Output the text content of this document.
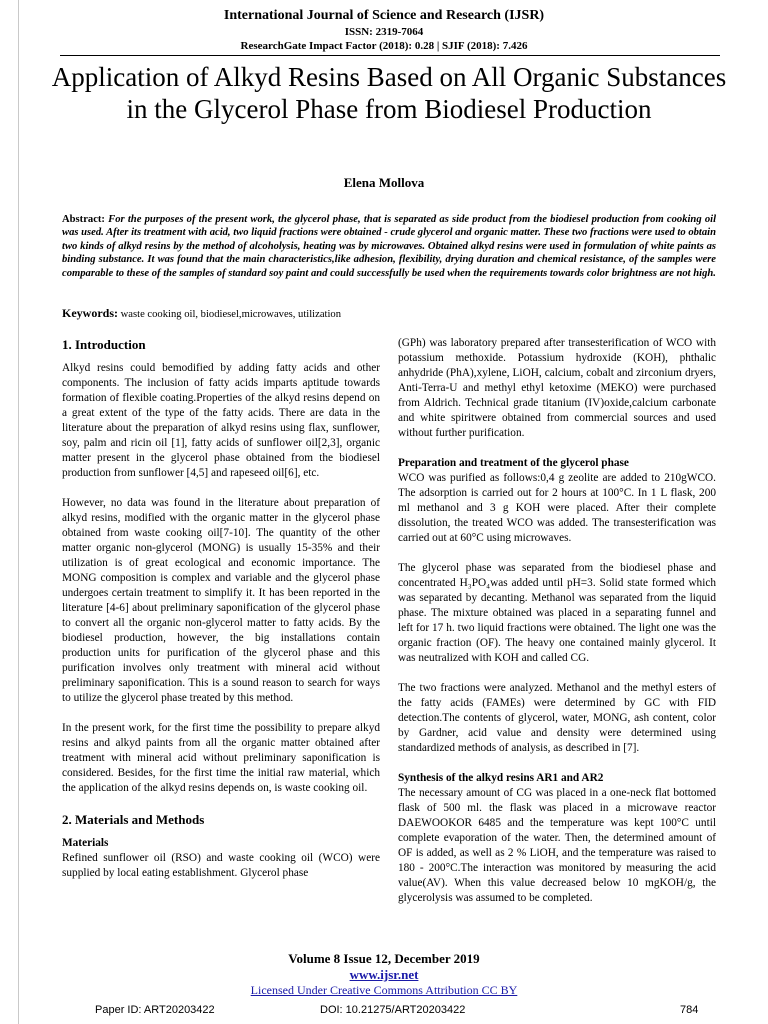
International Journal of Science and Research (IJSR)
ISSN: 2319-7064
ResearchGate Impact Factor (2018): 0.28 | SJIF (2018): 7.426
Application of Alkyd Resins Based on All Organic Substances in the Glycerol Phase from Biodiesel Production
Elena Mollova
Abstract: For the purposes of the present work, the glycerol phase, that is separated as side product from the biodiesel production from cooking oil was used. After its treatment with acid, two liquid fractions were obtained - crude glycerol and organic matter. These two fractions were used to obtain two kinds of alkyd resins by the method of alcoholysis, heating was by microwaves. Obtained alkyd resins were used in formulation of white paints as binding substance. It was found that the main characteristics,like adhesion, flexibility, drying duration and chemical resistance, of the samples were comparable to these of the samples of standard soy paint and could successfully be used when the requirements towards color brightness are not high.
Keywords: waste cooking oil, biodiesel,microwaves, utilization
1. Introduction

Alkyd resins could bemodified by adding fatty acids and other components. The inclusion of fatty acids imparts aptitude towards formation of flexible coating.Properties of the alkyd resins depend on a great extent of the type of the fatty acids. There are data in the literature about the preparation of alkyd resins using flax, sunflower, soy, palm and ricin oil [1], fatty acids of sunflower oil[2,3], organic matter present in the glycerol phase obtained from the biodiesel production from sunflower [4,5] and rapeseed oil[6], etc.

However, no data was found in the literature about preparation of alkyd resins, modified with the organic matter in the glycerol phase obtained from waste cooking oil[7-10]. The quantity of the other matter organic non-glycerol (MONG) is usually 15-35% and their utilization is of great ecological and economic importance. The MONG composition is complex and variable and the glycerol phase undergoes certain treatment to simplify it. It has been reported in the literature [4-6] about preliminary saponification of the glycerol phase to convert all the organic non-glycerol matter to fatty acids. By the biodiesel production, however, the big installations contain production units for purification of the glycerol phase and this purification involves only treatment with mineral acid without preliminary saponification. This is a sound reason to search for ways to utilize the glycerol phase treated by this method.

In the present work, for the first time the possibility to prepare alkyd resins and alkyd paints from all the organic matter obtained after treatment with mineral acid without preliminary saponification is considered. Besides, for the first time the initial raw material, which the application of the alkyd resins depends on, is waste cooking oil.

2. Materials and Methods
Materials

Refined sunflower oil (RSO) and waste cooking oil (WCO) were supplied by local eating establishment. Glycerol phase

(GPh) was laboratory prepared after transesterification of WCO with potassium methoxide. Potassium hydroxide (KOH), phthalic anhydride (PhA),xylene, LiOH, calcium, cobalt and zirconium dryers, Anti-Terra-U and methyl ethyl ketoxime (MEKO) were purchased from Aldrich. Technical grade titanium (IV)oxide,calcium carbonate and white spiritwere obtained from commercial sources and used without further purification.

Preparation and treatment of the glycerol phase

WCO was purified as follows:0,4 g zeolite are added to 210gWCO. The adsorption is carried out for 2 hours at 100°C. In 1 L flask, 200 ml methanol and 3 g KOH were placed. After their complete dissolution, the treated WCO was added. The transesterification was carried out at 60°C using microwaves.

The glycerol phase was separated from the biodiesel phase and concentrated H₃PO₄was added until pH=3. Solid state formed which was separated by decanting. Methanol was separated from the liquid phase. The mixture obtained was placed in a separating funnel and left for 17 h. two liquid fractions were obtained. The light one was the organic fraction (OF). The heavy one contained mainly glycerol. It was neutralized with KOH and called CG.

The two fractions were analyzed. Methanol and the methyl esters of the fatty acids (FAMEs) were determined by GC with FID detection.The contents of glycerol, water, MONG, ash content, color by Gardner, acid value and density were determined using standardized methods of analysis, as described in [7].

Synthesis of the alkyd resins AR1 and AR2

The necessary amount of CG was placed in a one-neck flat bottomed flask of 500 ml. the flask was placed in a microwave reactor DAEWOOKOR 6485 and the temperature was kept 100°C until complete evaporation of the water. Then, the determined amount of OF is added, as well as 2 % LiOH, and the temperature was raised to 180 - 200°C.The interaction was monitored by measuring the acid value(AV). When this value decreased below 10 mgKOH/g, the glycerolysis was assumed to be completed.

Volume 8 Issue 12, December 2019
www.ijsr.net
Licensed Under Creative Commons Attribution CC BY
Paper ID: ART20203422	DOI: 10.21275/ART20203422	784
